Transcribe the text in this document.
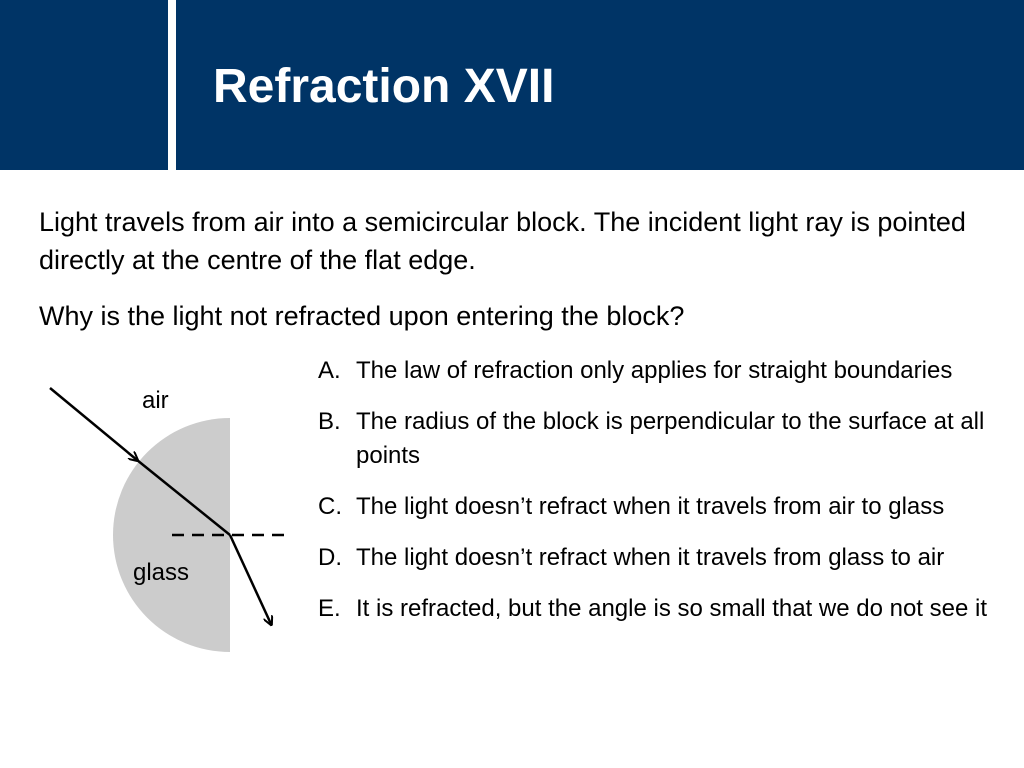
Refraction XVII

Light travels from air into a semicircular block. The incident light ray is pointed directly at the centre of the flat edge.

Why is the light not refracted upon entering the block?

air
glass
A. The law of refraction only applies for straight boundaries
B. The radius of the block is perpendicular to the surface at all points
C. The light doesn’t refract when it travels from air to glass
D. The light doesn’t refract when it travels from glass to air
E. It is refracted, but the angle is so small that we do not see it
